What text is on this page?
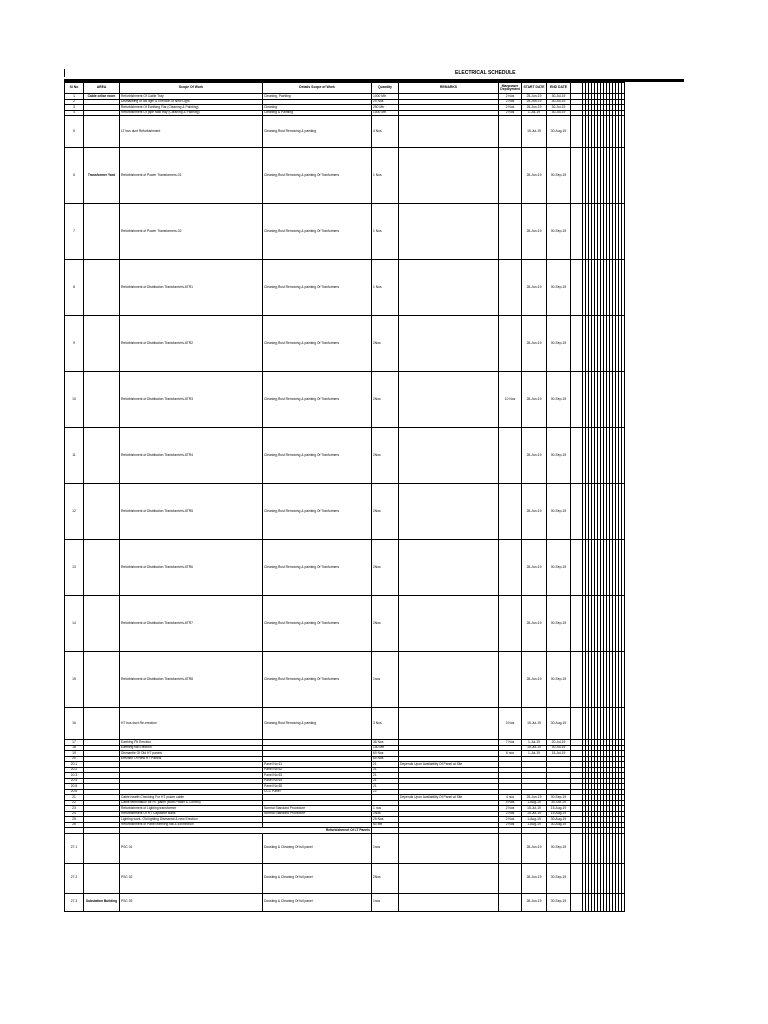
ELECTRICAL SCHEDULE
Sl No	AREA	Scope Of Work	Details Scope of Work	Quantity	REMARKS	Manpower Deployment	START DATE	END DATE															
1	Cable cellar room	Refurbishment Of Cable Tray	Cleaning, Painting	1000 Mtr		2 Nos	25-Jun-19	30-Jul-19															
2		Dismantling of old light & Erection of New Light		20 Nos		2 Nos	25-Jun-19	30-Jul-19															
3		Refurbishment Of Earthing Flat (Cleaning & Painting)	Cleaning	250 Mtr		2 Nos	25-Jun-19	30-Jul-19															
4		Refurbishment Of pipe rack tray (Cleaning & Painting)	Cleaning & Painting	1000 Mtr		2 Nos	1-Jul-19	30-Jul-19															
5		LT bus duct Refurbishment	Cleaning,Rust Removing & painting	4 Nos			15-Jul-19	30-Aug-19															
6	Transformer Yard	Refurbishment of Power Transformers-01	Cleaning,Rust Removing & painting Of Tranformers	1 Nos			28-Jun-19	30-Sep-19															
7		Refurbishment of Power Transformers-02	Cleaning,Rust Removing & painting Of Tranformers	1 Nos			28-Jun-19	30-Sep-19															
8		Refurbishment of Distribution Transformers-6TR1	Cleaning,Rust Removing & painting Of Tranformers	1 Nos			28-Jun-19	30-Sep-19															
9		Refurbishment of Distribution Transformers-6TR2	Cleaning,Rust Removing & painting Of Tranformers	2Nos			28-Jun-19	30-Sep-19															
10		Refurbishment of Distribution Transformers-6TR3	Cleaning,Rust Removing & painting Of Tranformers	2Nos		10 Nos	28-Jun-19	30-Sep-19															
11		Refurbishment of Distribution Transformers-6TR4	Cleaning,Rust Removing & painting Of Tranformers	2Nos			28-Jun-19	30-Sep-19															
12		Refurbishment of Distribution Transformers-6TR5	Cleaning,Rust Removing & painting Of Tranformers	2Nos			28-Jun-19	30-Sep-19															
13		Refurbishment of Distribution Transformers-6TR6	Cleaning,Rust Removing & painting Of Tranformers	2Nos			28-Jun-19	30-Sep-19															
14		Refurbishment of Distribution Transformers-6TR7	Cleaning,Rust Removing & painting Of Tranformers	2Nos			28-Jun-19	30-Sep-19															
15		Refurbishment of Distribution Transformers-6TR8	Cleaning,Rust Removing & painting Of Tranformers	1nos			28-Jun-19	30-Sep-19															
16		HT bus duct Re-erection	Cleaning,Rust Removing & painting	3 Nos		3 Nos	15-Jul-19	30-Aug-19															
17		Earthing Pit Erection		36 Nos		7 Nos	1-Jul-19	20-Jul-19															
18		Earthing flat Erection		150 Mtr			15-Jul-19	30-Jul-19															
19		Dismantle Of Old HT panels		60 Nos		6 nos	1-Jul-19	15-Jul-19															
20		Erection Of New HT Panels		60 Nos																			
20.1			Panel No 61	21	Depends Upon Availability Of Panel at Site																		
20.2			Panel No 62	21																			
20.3			Panel No 63	21																			
20.4			Panel No 64	21																			
20.5			Panel No 65	21																			
20.6			CCC Panel	22																			
21		Cable health Checking For HT power cable			Depends Upon Availability Of Panel at Site	4 nos	25-Jun-19	30-Sep-19															
22		Cable termination for HT panel (Both Power & Control)				4 Nos	1-Aug-19	30-Oct-19															
23		Refurbishment of Lighting transformer	Normal Standard Procedure	1 nos		2 Nos	15-Jul-19	15-Aug-19															
24		Refurbishment Of HT Capacitor Bank	Normal Standard Procedure	2Nos		2 Nos	15-Jul-19	15-Aug-19															
25		Lighting work- Old lighting Dismantal & new Erection		25 Nos		2 Nos	1-Aug-19	30-Aug-19															
26		Refurbishment of Panel earthing flat & connection		60 Mtr		2 Nos	1-Aug-19	30-Aug-19															
		Refurbishment Of LT Panels																					
27.1		PSC 01	Dousting & Cleaning Of full panel	1nos			28-Jun-19	30-Sep-19															
27.2		PSC 02	Dousting & Cleaning Of full panel	2Nos			28-Jun-19	30-Sep-19															
27.3	Substation Building	PSC 03	Dousting & Cleaning Of full panel	1nos			28-Jun-19	30-Sep-19															
